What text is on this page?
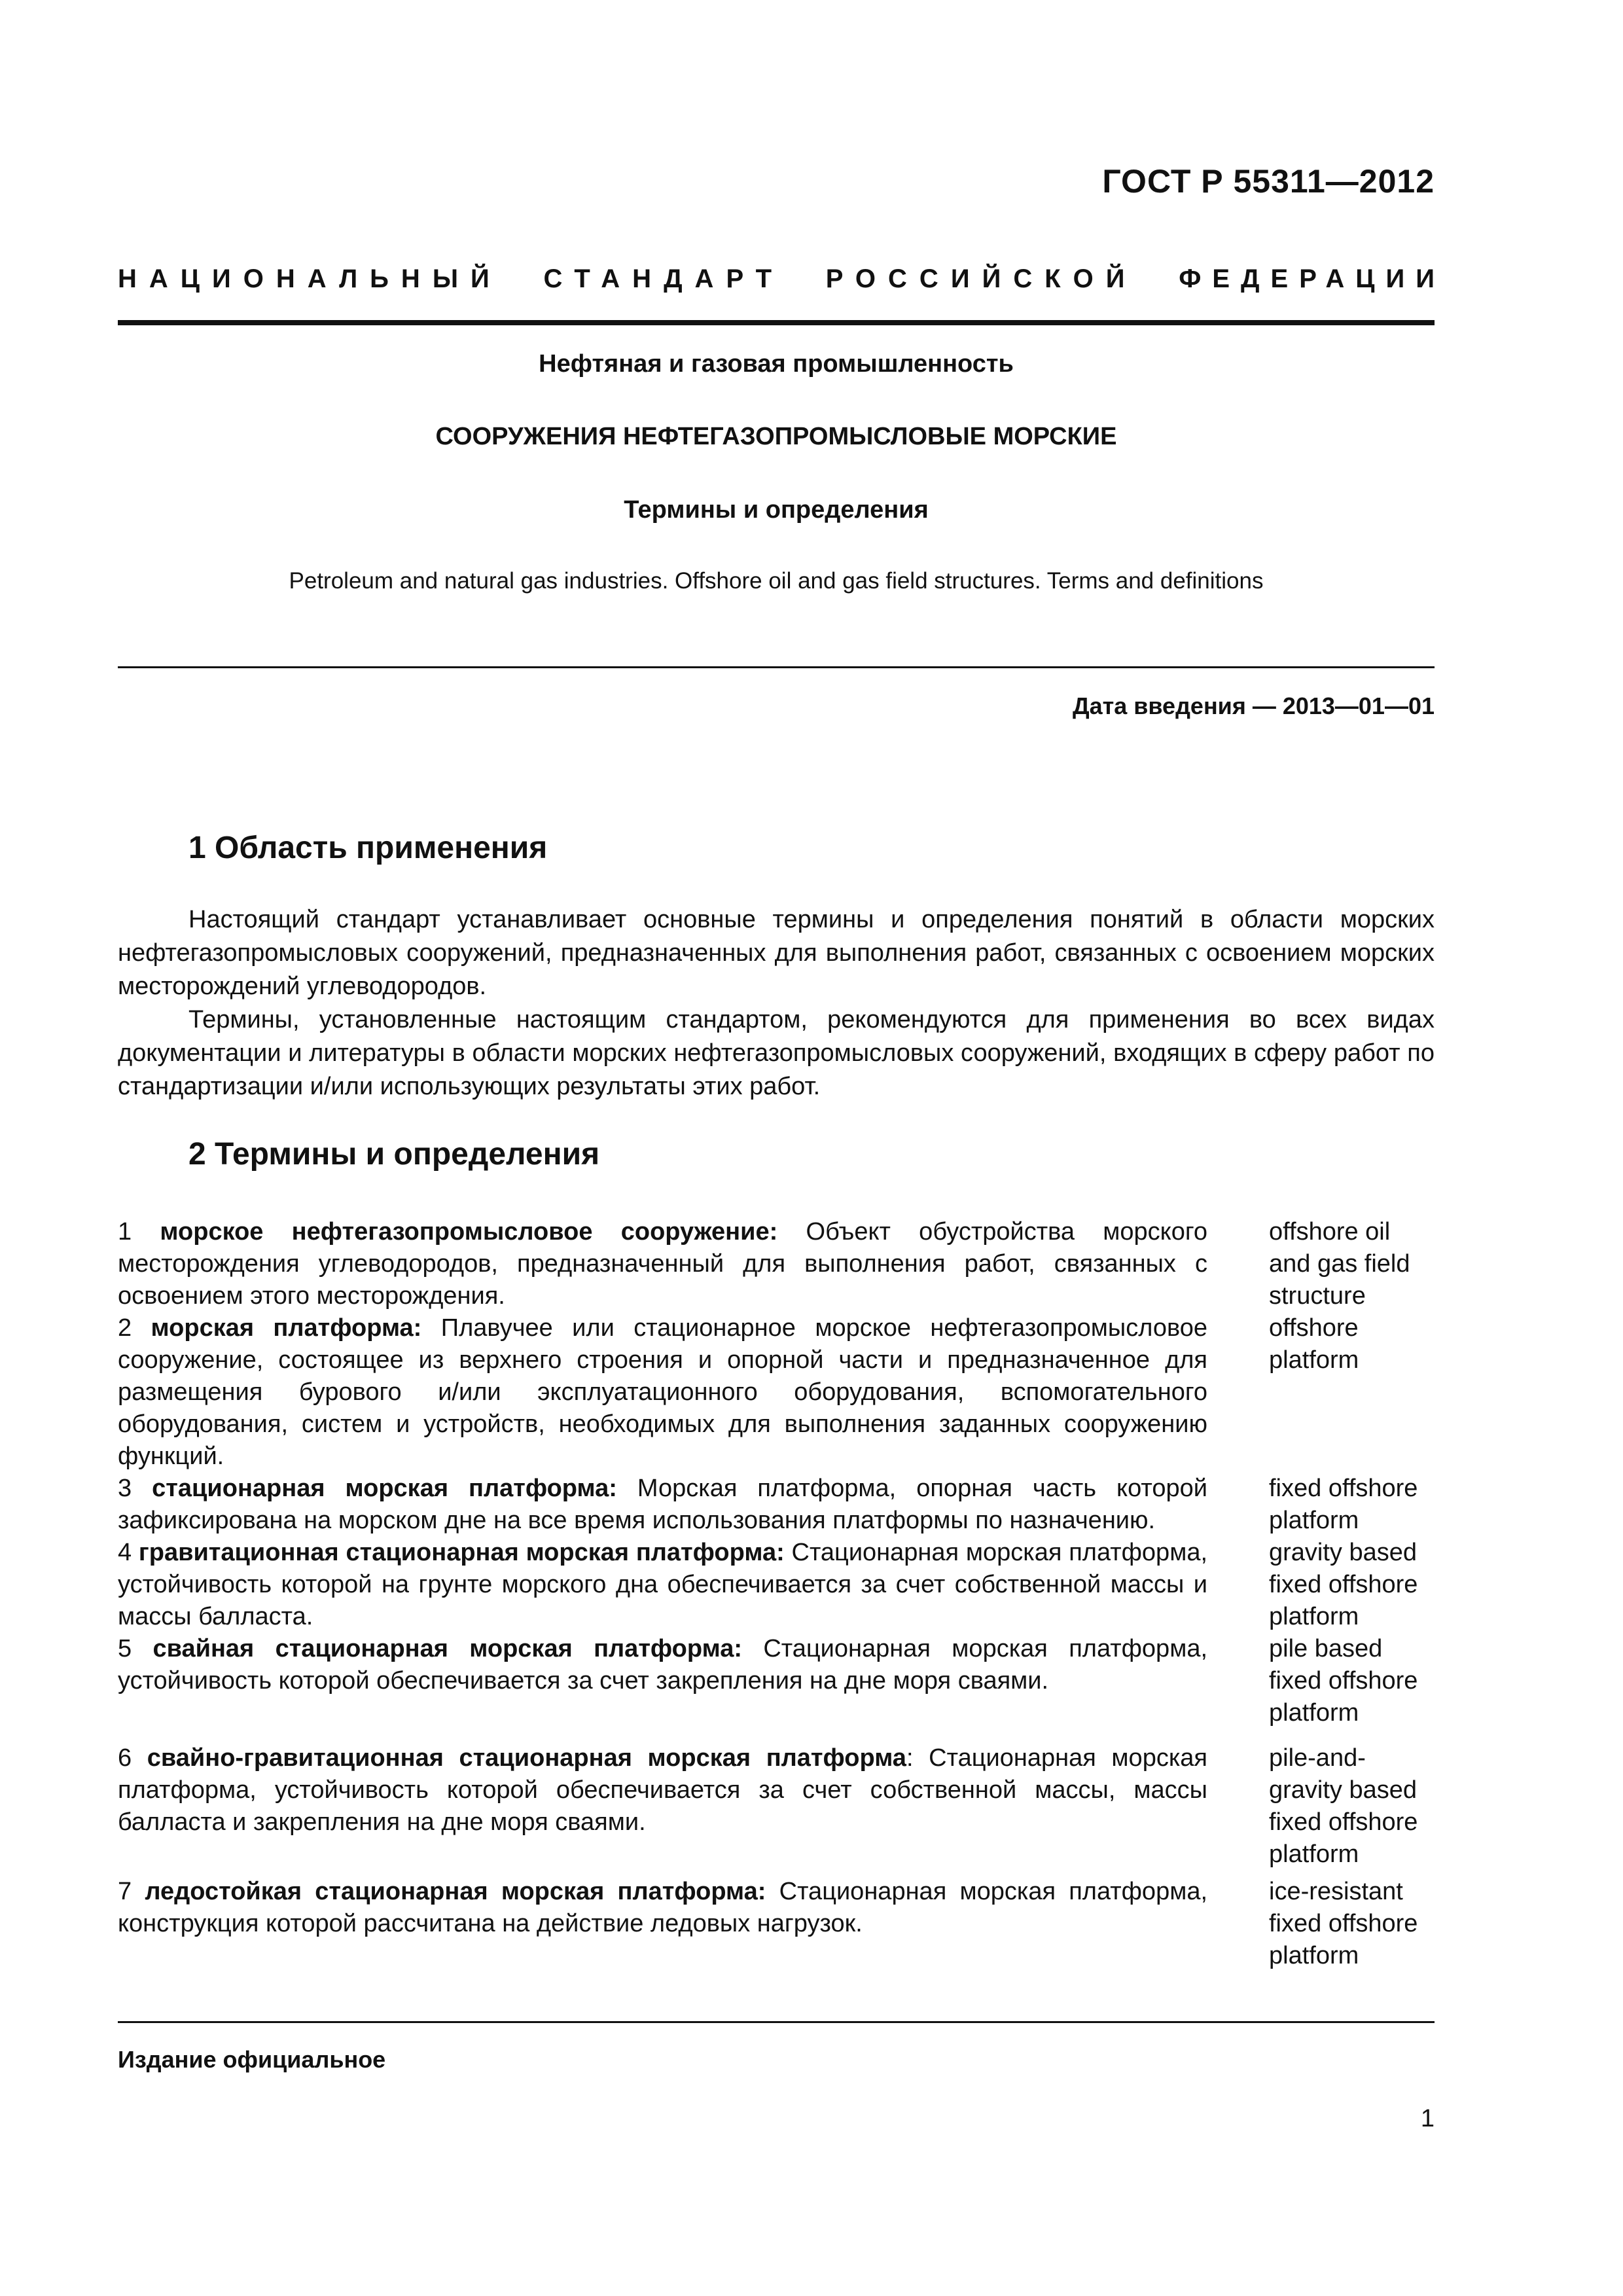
ГОСТ Р 55311—2012
НАЦИОНАЛЬНЫЙ СТАНДАРТ РОССИЙСКОЙ ФЕДЕРАЦИИ
Нефтяная и газовая промышленность
СООРУЖЕНИЯ НЕФТЕГАЗОПРОМЫСЛОВЫЕ МОРСКИЕ
Термины и определения
Petroleum and natural gas industries. Offshore oil and gas field structures. Terms and definitions
Дата введения — 2013—01—01
1 Область применения

Настоящий стандарт устанавливает основные термины и определения понятий в области морских нефтегазопромысловых сооружений, предназначенных для выполнения работ, связанных с освоением морских месторождений углеводородов.

Термины, установленные настоящим стандартом, рекомендуются для применения во всех видах документации и литературы в области морских нефтегазопромысловых сооружений, входящих в сферу работ по стандартизации и/или использующих результаты этих работ.

2 Термины и определения
1 морское нефтегазопромысловое сооружение: Объект обустройства морского месторождения углеводородов, предназначенный для выполнения работ, связанных с освоением этого месторождения.	offshore oil and gas field structure
2 морская платформа: Плавучее или стационарное морское нефтегазопромысловое сооружение, состоящее из верхнего строения и опорной части и предназначенное для размещения бурового и/или эксплуатационного оборудования, вспомогательного оборудования, систем и устройств, необходимых для выполнения заданных сооружению функций.	offshore platform
3 стационарная морская платформа: Морская платформа, опорная часть которой зафиксирована на морском дне на все время использования платформы по назначению.	fixed offshore platform
4 гравитационная стационарная морская платформа: Стационарная морская платформа, устойчивость которой на грунте морского дна обеспечивается за счет собственной массы и массы балласта.	gravity based fixed offshore platform
5 свайная стационарная морская платформа: Стационарная морская платформа, устойчивость которой обеспечивается за счет закрепления на дне моря сваями.	pile based fixed offshore platform
6 свайно-гравитационная стационарная морская платформа: Стационарная морская платформа, устойчивость которой обеспечивается за счет собственной массы, массы балласта и закрепления на дне моря сваями.	pile-and-gravity based fixed offshore platform
7 ледостойкая стационарная морская платформа: Стационарная морская платформа, конструкция которой рассчитана на действие ледовых нагрузок.	ice-resistant fixed offshore platform
Издание официальное
1
